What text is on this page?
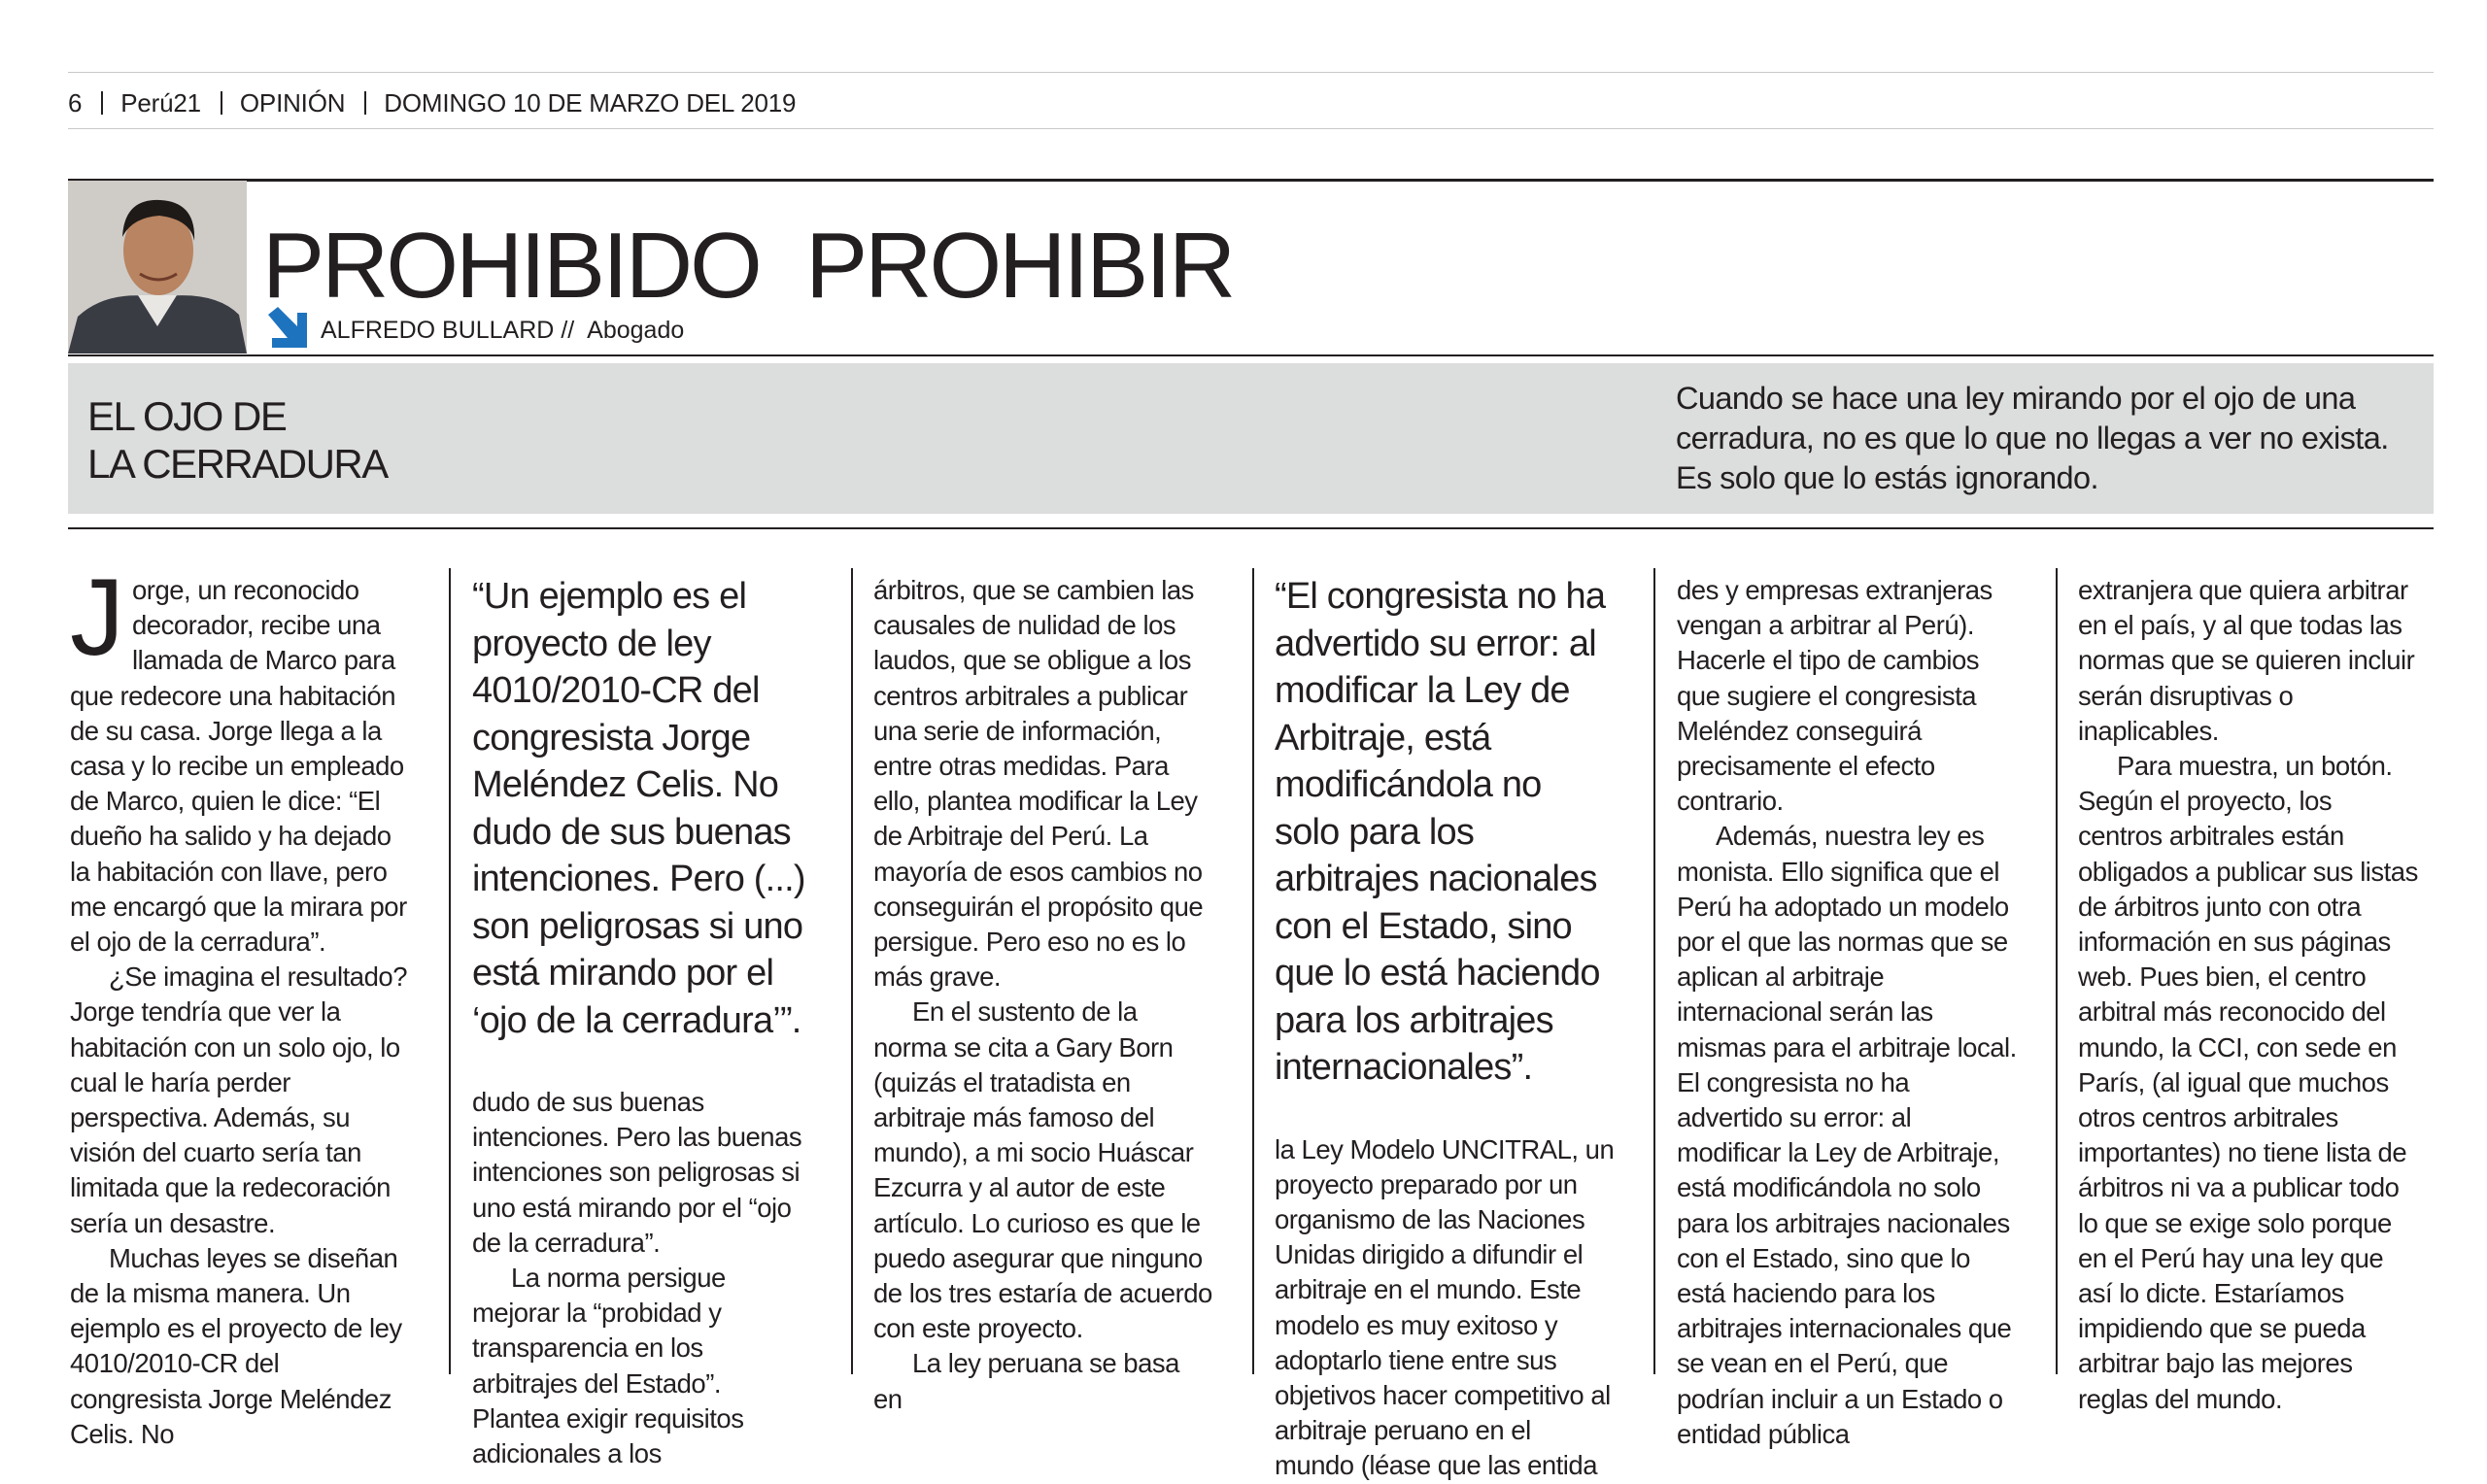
6 Perú21 OPINIÓN DOMINGO 10 DE MARZO DEL 2019
PROHIBIDO  PROHIBIR
ALFREDO BULLARD // Abogado
EL OJO DE
LA CERRADURA
Cuando se hace una ley mirando por el ojo de una cerradura, no es que lo que no llegas a ver no exista. Es solo que lo estás ignorando.

Jorge, un reconocido decorador, recibe una llamada de Marco para que redecore una habitación de su casa. Jorge llega a la casa y lo recibe un empleado de Marco, quien le dice: “El dueño ha salido y ha dejado la habitación con llave, pero me encargó que la mirara por el ojo de la cerradura”.

¿Se imagina el resultado? Jorge tendría que ver la habitación con un solo ojo, lo cual le haría perder perspectiva. Además, su visión del cuarto sería tan limitada que la redecoración sería un desastre.

Muchas leyes se diseñan de la misma manera. Un ejemplo es el proyecto de ley 4010/2010-CR del congresista Jorge Meléndez Celis. No

“Un ejemplo es el proyecto de ley 4010/2010-CR del congresista Jorge Meléndez Celis. No dudo de sus buenas intenciones. Pero (...) son peligrosas si uno está mirando por el ‘ojo de la cerradura’”.

dudo de sus buenas intenciones. Pero las buenas intenciones son peligrosas si uno está mirando por el “ojo de la cerradura”.

La norma persigue mejorar la “probidad y transparencia en los arbitrajes del Estado”. Plantea exigir requisitos adicionales a los

árbitros, que se cambien las causales de nulidad de los laudos, que se obligue a los centros arbitrales a publicar una serie de información, entre otras medidas. Para ello, plantea modificar la Ley de Arbitraje del Perú. La mayoría de esos cambios no conseguirán el propósito que persigue. Pero eso no es lo más grave.

En el sustento de la norma se cita a Gary Born (quizás el tratadista en arbitraje más famoso del mundo), a mi socio Huáscar Ezcurra y al autor de este artículo. Lo curioso es que le puedo asegurar que ninguno de los tres estaría de acuerdo con este proyecto.

La ley peruana se basa en

“El congresista no ha advertido su error: al modificar la Ley de Arbitraje, está modificándola no solo para los arbitrajes nacionales con el Estado, sino que lo está haciendo para los arbitrajes internacionales”.

la Ley Modelo UNCITRAL, un proyecto preparado por un organismo de las Naciones Unidas dirigido a difundir el arbitraje en el mundo. Este modelo es muy exitoso y adoptarlo tiene entre sus objetivos hacer competitivo al arbitraje peruano en el mundo (léase que las entida

des y empresas extranjeras vengan a arbitrar al Perú). Hacerle el tipo de cambios que sugiere el congresista Meléndez conseguirá precisamente el efecto contrario.

Además, nuestra ley es monista. Ello significa que el Perú ha adoptado un modelo por el que las normas que se aplican al arbitraje internacional serán las mismas para el arbitraje local. El congresista no ha advertido su error: al modificar la Ley de Arbitraje, está modificándola no solo para los arbitrajes nacionales con el Estado, sino que lo está haciendo para los arbitrajes internacionales que se vean en el Perú, que podrían incluir a un Estado o entidad pública

extranjera que quiera arbitrar en el país, y al que todas las normas que se quieren incluir serán disruptivas o inaplicables.

Para muestra, un botón. Según el proyecto, los centros arbitrales están obligados a publicar sus listas de árbitros junto con otra información en sus páginas web. Pues bien, el centro arbitral más reconocido del mundo, la CCI, con sede en París, (al igual que muchos otros centros arbitrales importantes) no tiene lista de árbitros ni va a publicar todo lo que se exige solo porque en el Perú hay una ley que así lo dicte. Estaríamos impidiendo que se pueda arbitrar bajo las mejores reglas del mundo.
